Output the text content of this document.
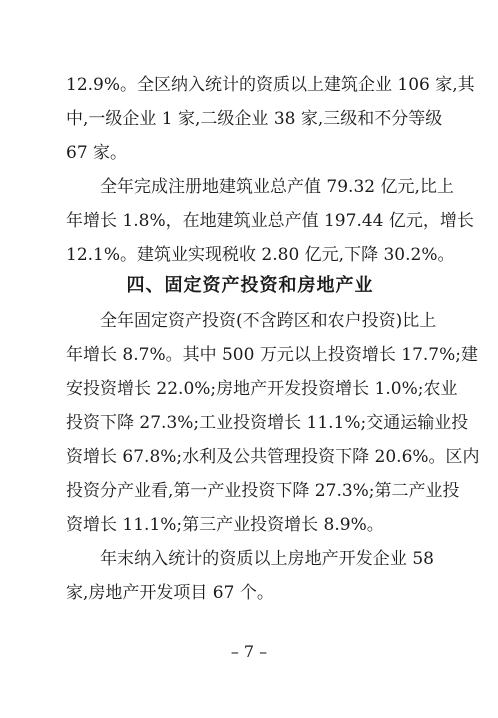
12.9%。全区纳入统计的资质以上建筑企业 106 家,其
中,一级企业 1 家,二级企业 38 家,三级和不分等级
67 家。
全年完成注册地建筑业总产值 79.32 亿元,比上
年增长 1.8%，在地建筑业总产值 197.44 亿元，增长
12.1%。建筑业实现税收 2.80 亿元,下降 30.2%。
四、固定资产投资和房地产业
全年固定资产投资(不含跨区和农户投资)比上
年增长 8.7%。其中 500 万元以上投资增长 17.7%;建
安投资增长 22.0%;房地产开发投资增长 1.0%;农业
投资下降 27.3%;工业投资增长 11.1%;交通运输业投
资增长 67.8%;水利及公共管理投资下降 20.6%。区内
投资分产业看,第一产业投资下降 27.3%;第二产业投
资增长 11.1%;第三产业投资增长 8.9%。
年末纳入统计的资质以上房地产开发企业 58
家,房地产开发项目 67 个。
– 7 –
